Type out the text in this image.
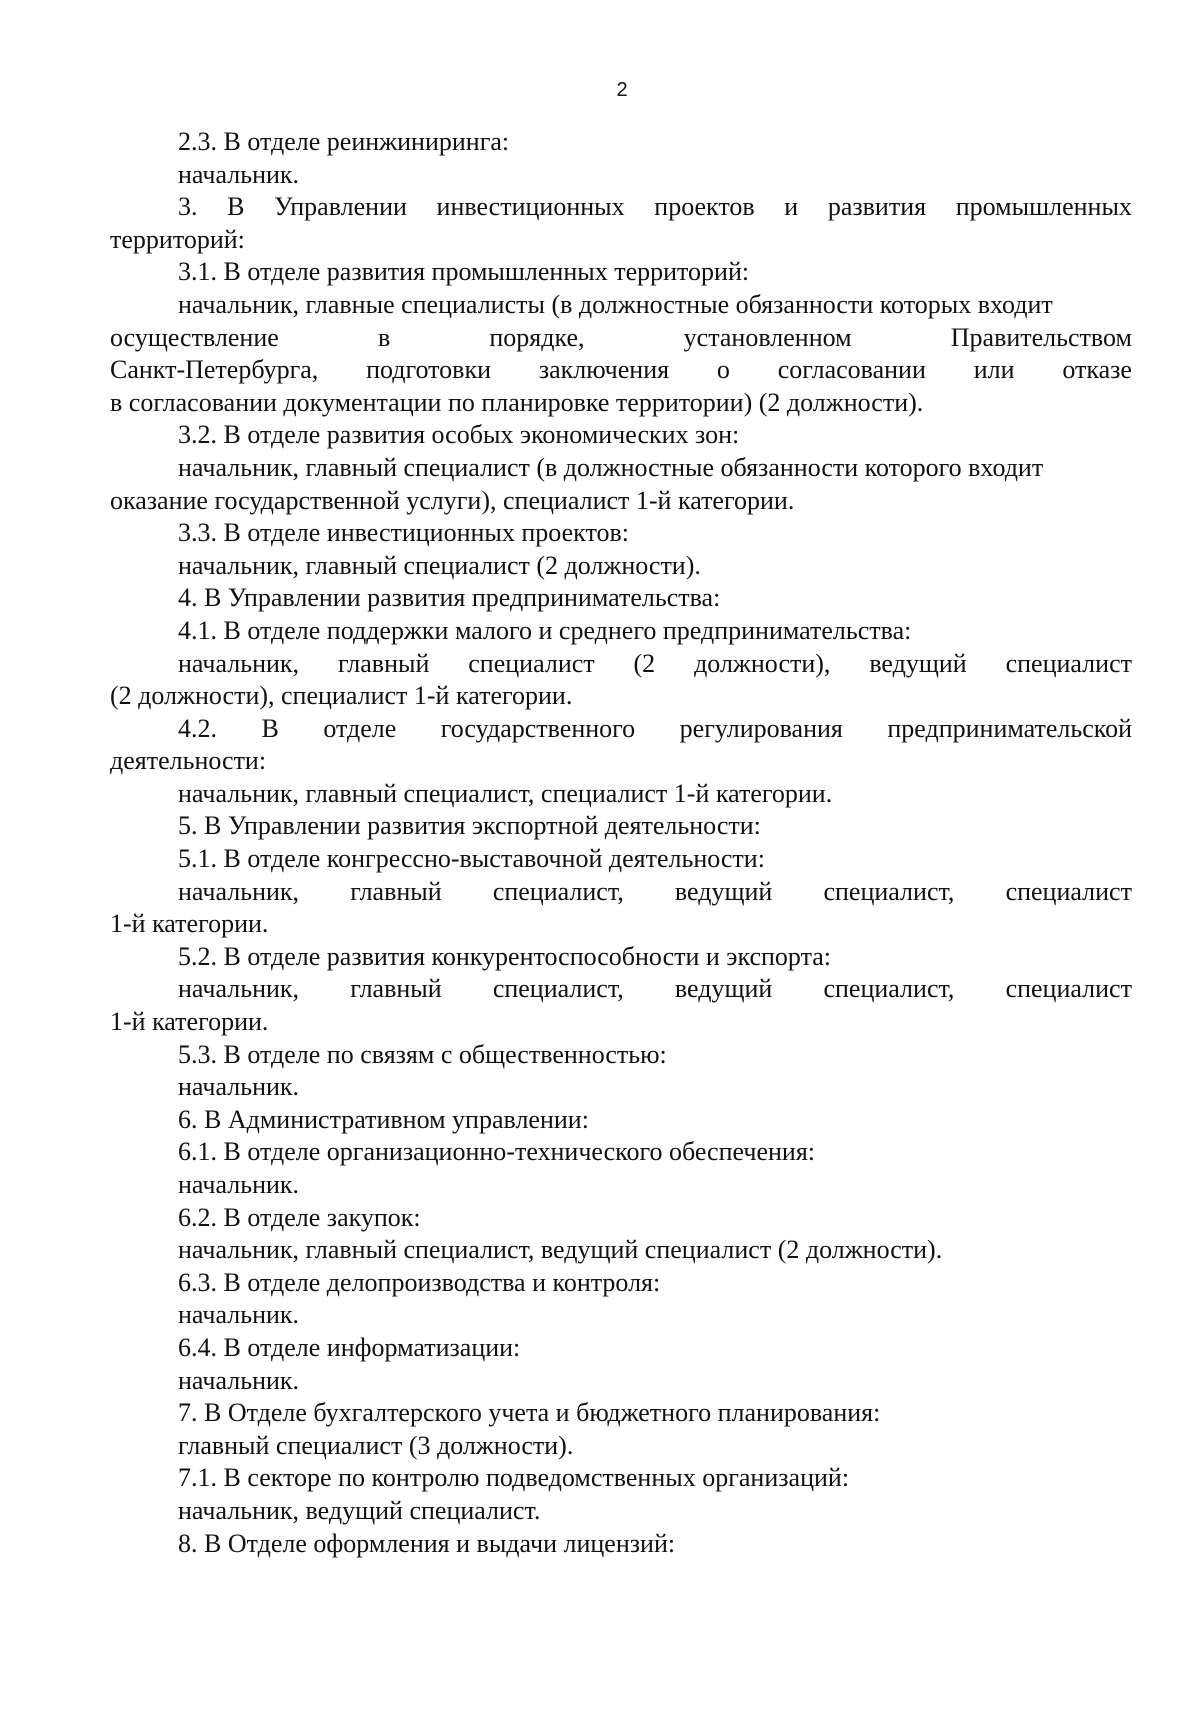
2
2.3. В отделе реинжиниринга:
начальник.
3. В Управлении инвестиционных проектов и развития промышленных
территорий:
3.1. В отделе развития промышленных территорий:
начальник, главные специалисты (в должностные обязанности которых входит
осуществление	в	порядке,	установленном	Правительством
Санкт-Петербурга, подготовки заключения о согласовании или отказе
в согласовании документации по планировке территории) (2 должности).
3.2. В отделе развития особых экономических зон:
начальник, главный специалист (в должностные обязанности которого входит
оказание государственной услуги), специалист 1-й категории.
3.3. В отделе инвестиционных проектов:
начальник, главный специалист (2 должности).
4. В Управлении развития предпринимательства:
4.1. В отделе поддержки малого и среднего предпринимательства:
начальник, главный специалист (2 должности), ведущий специалист
(2 должности), специалист 1-й категории.
4.2. В отделе государственного регулирования предпринимательской
деятельности:
начальник, главный специалист, специалист 1-й категории.
5. В Управлении развития экспортной деятельности:
5.1. В отделе конгрессно-выставочной деятельности:
начальник, главный специалист, ведущий специалист, специалист
1-й категории.
5.2. В отделе развития конкурентоспособности и экспорта:
начальник, главный специалист, ведущий специалист, специалист
1-й категории.
5.3. В отделе по связям с общественностью:
начальник.
6. В Административном управлении:
6.1. В отделе организационно-технического обеспечения:
начальник.
6.2. В отделе закупок:
начальник, главный специалист, ведущий специалист (2 должности).
6.3. В отделе делопроизводства и контроля:
начальник.
6.4. В отделе информатизации:
начальник.
7. В Отделе бухгалтерского учета и бюджетного планирования:
главный специалист (3 должности).
7.1. В секторе по контролю подведомственных организаций:
начальник, ведущий специалист.
8. В Отделе оформления и выдачи лицензий:
